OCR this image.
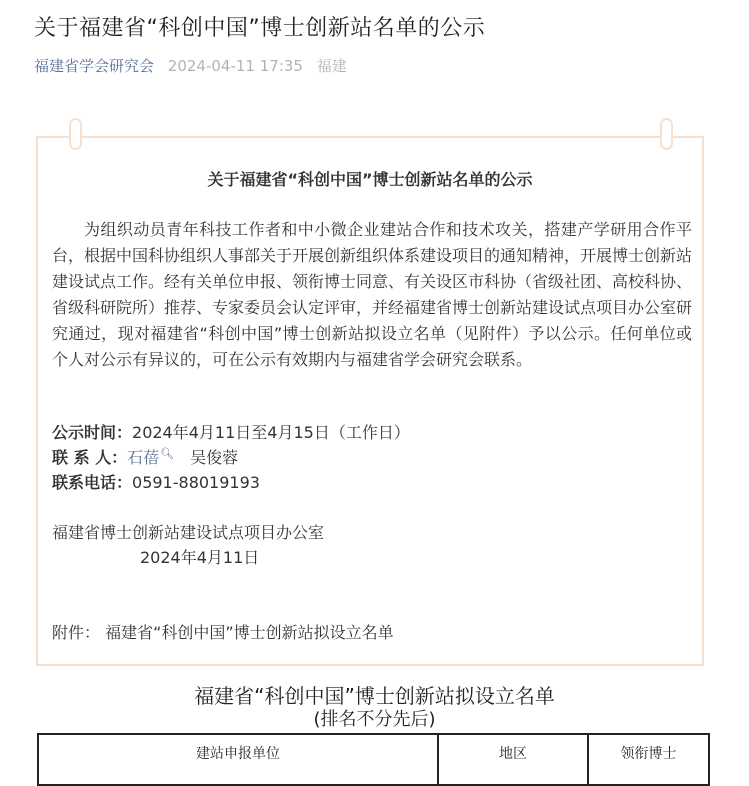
关于福建省“科创中国”博士创新站名单的公示
福建省学会研究会 2024-04-11 17:35 福建
关于福建省“科创中国”博士创新站名单的公示

为组织动员青年科技工作者和中小微企业建站合作和技术攻关，搭建产学研用合作平台，根据中国科协组织人事部关于开展创新组织体系建设项目的通知精神，开展博士创新站建设试点工作。经有关单位申报、领衔博士同意、有关设区市科协（省级社团、高校科协、省级科研院所）推荐、专家委员会认定评审，并经福建省博士创新站建设试点项目办公室研究通过，现对福建省“科创中国”博士创新站拟设立名单（见附件）予以公示。任何单位或个人对公示有异议的，可在公示有效期内与福建省学会研究会联系。

公示时间：2024年4月11日至4月15日（工作日）
联 系 人：石蓓🔍︎ 吴俊蓉
联系电话：0591-88019193
福建省博士创新站建设试点项目办公室
2024年4月11日
附件： 福建省“科创中国”博士创新站拟设立名单
福建省“科创中国”博士创新站拟设立名单
(排名不分先后)
建站申报单位	地区	领衔博士
